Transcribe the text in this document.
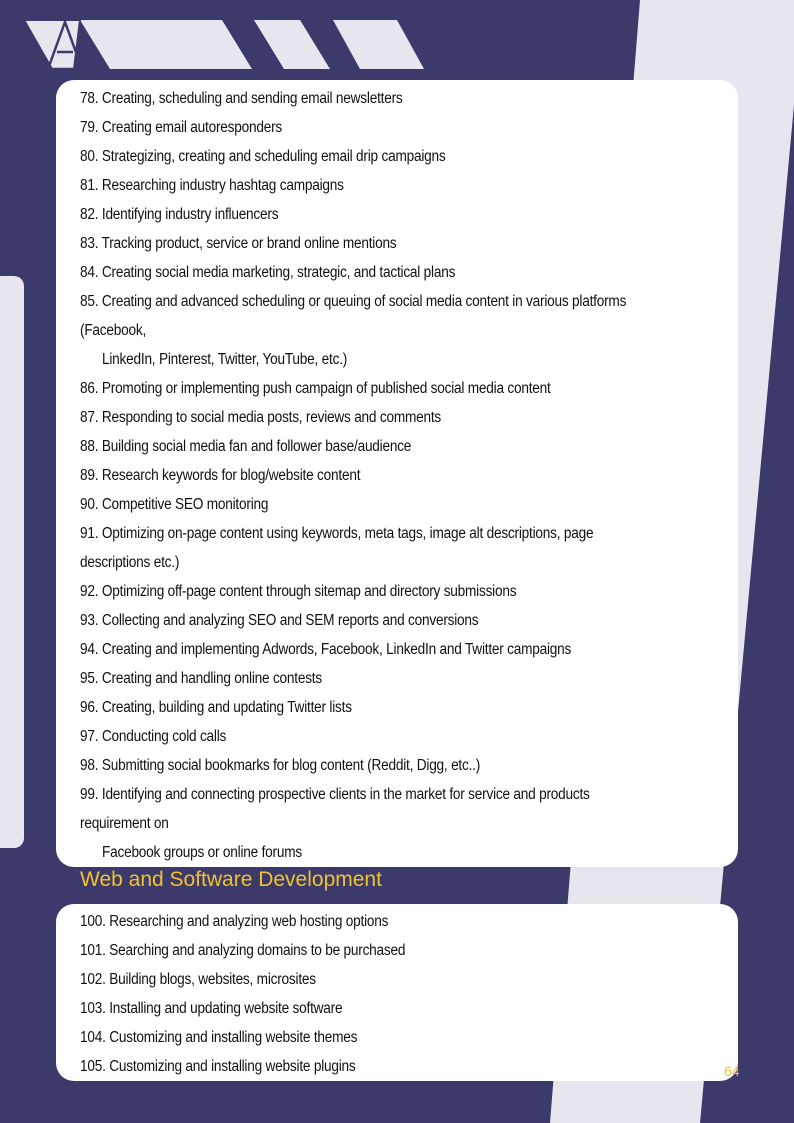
78. Creating, scheduling and sending email newsletters
79. Creating email autoresponders
80. Strategizing, creating and scheduling email drip campaigns
81. Researching industry hashtag campaigns
82. Identifying industry influencers
83. Tracking product, service or brand online mentions
84. Creating social media marketing, strategic, and tactical plans
85. Creating and advanced scheduling or queuing of social media content in various platforms
(Facebook,
LinkedIn, Pinterest, Twitter, YouTube, etc.)
86. Promoting or implementing push campaign of published social media content
87. Responding to social media posts, reviews and comments
88. Building social media fan and follower base/audience
89. Research keywords for blog/website content
90. Competitive SEO monitoring
91. Optimizing on-page content using keywords, meta tags, image alt descriptions, page
descriptions etc.)
92. Optimizing off-page content through sitemap and directory submissions
93. Collecting and analyzing SEO and SEM reports and conversions
94. Creating and implementing Adwords, Facebook, LinkedIn and Twitter campaigns
95. Creating and handling online contests
96. Creating, building and updating Twitter lists
97. Conducting cold calls
98. Submitting social bookmarks for blog content (Reddit, Digg, etc..)
99. Identifying and connecting prospective clients in the market for service and products
requirement on
Facebook groups or online forums
Web and Software Development
100. Researching and analyzing web hosting options
101. Searching and analyzing domains to be purchased
102. Building blogs, websites, microsites
103. Installing and updating website software
104. Customizing and installing website themes
105. Customizing and installing website plugins	64
